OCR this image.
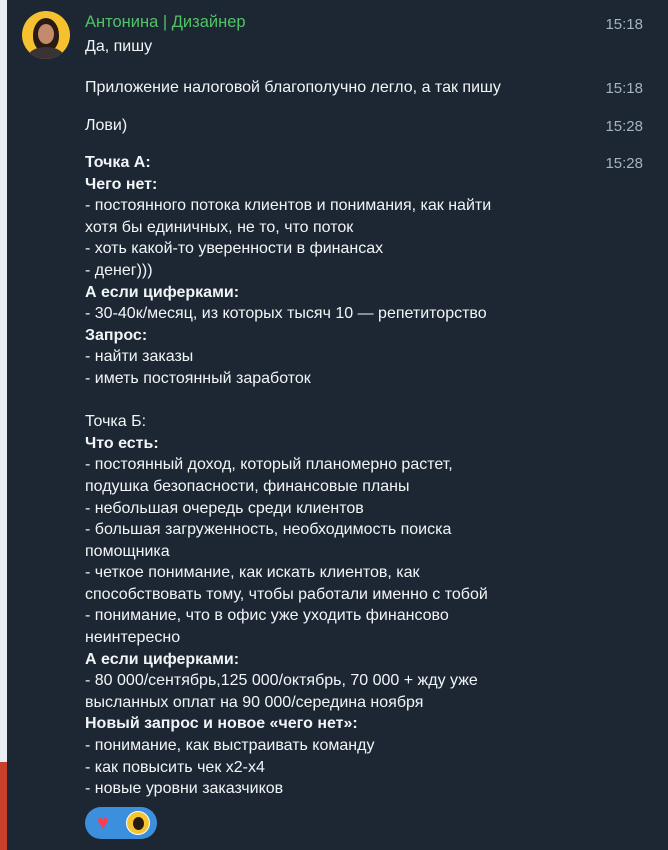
Антонина | Дизайнер
Да, пишу
15:18
Приложение налоговой благополучно легло, а так пишу	15:18
Лови)	15:28
15:28
Точка А:
Чего нет:
- постоянного потока клиентов и понимания, как найти
хотя бы единичных, не то, что поток
- хоть какой-то уверенности в финансах
- денег)))
А если циферками:
- 30-40к/месяц, из которых тысяч 10 — репетиторство
Запрос:
- найти заказы
- иметь постоянный заработок
Точка Б:
Что есть:
- постоянный доход, который планомерно растет,
подушка безопасности, финансовые планы
- небольшая очередь среди клиентов
- большая загруженность, необходимость поиска
помощника
- четкое понимание, как искать клиентов, как
способствовать тому, чтобы работали именно с тобой
- понимание, что в офис уже уходить финансово
неинтересно
А если циферками:
- 80 000/сентябрь,125 000/октябрь, 70 000 + жду уже
высланных оплат на 90 000/середина ноября
Новый запрос и новое «чего нет»:
- понимание, как выстраивать команду
- как повысить чек х2-х4
- новые уровни заказчиков
♥
